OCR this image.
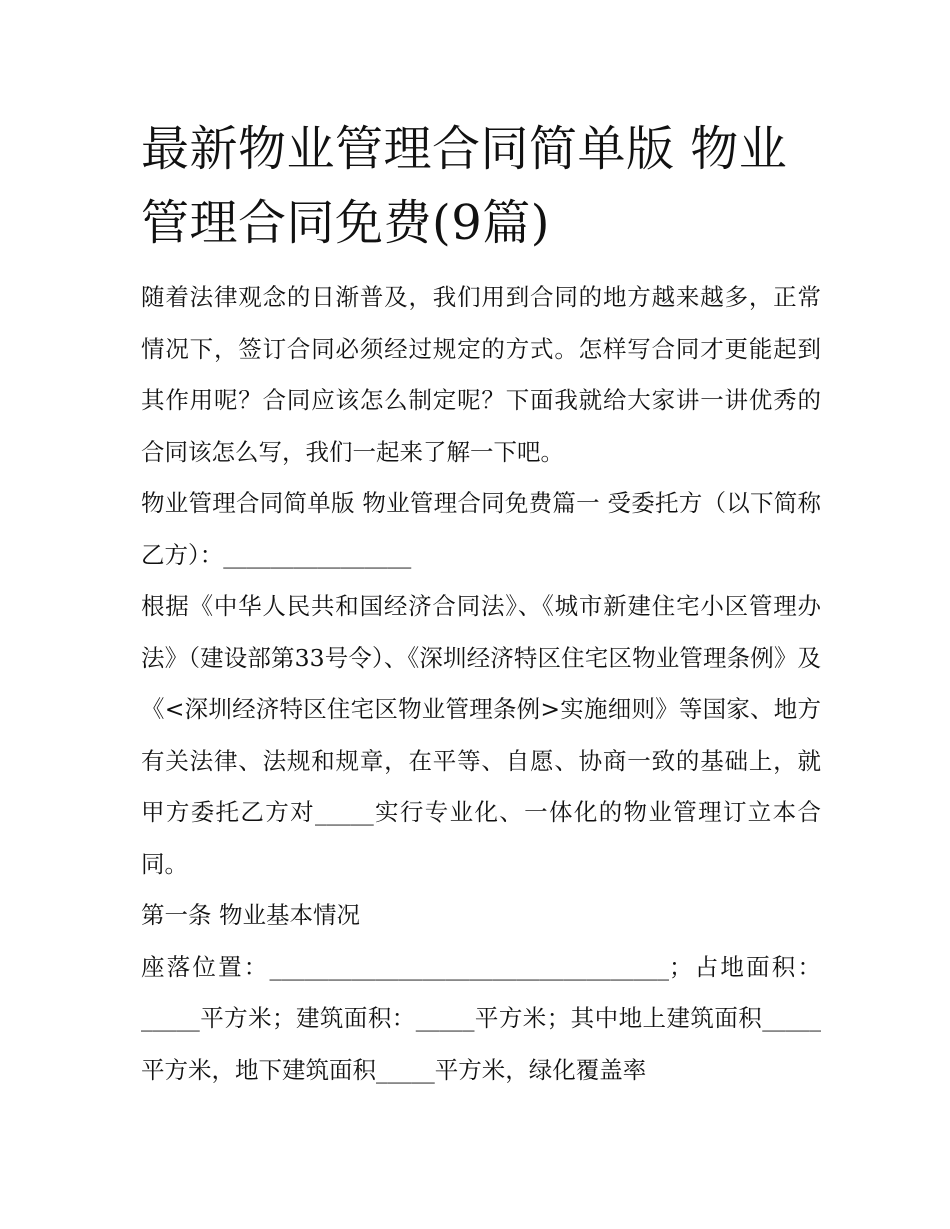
最新物业管理合同简单版 物业管理合同免费(9篇)

随着法律观念的日渐普及，我们用到合同的地方越来越多，正常情况下，签订合同必须经过规定的方式。怎样写合同才更能起到其作用呢？合同应该怎么制定呢？下面我就给大家讲一讲优秀的合同该怎么写，我们一起来了解一下吧。

物业管理合同简单版 物业管理合同免费篇一 受委托方（以下简称乙方）：________________

根据《中华人民共和国经济合同法》、《城市新建住宅小区管理办法》（建设部第33号令）、《深圳经济特区住宅区物业管理条例》及《<深圳经济特区住宅区物业管理条例>实施细则》等国家、地方有关法律、法规和规章，在平等、自愿、协商一致的基础上，就甲方委托乙方对_____实行专业化、一体化的物业管理订立本合同。

第一条 物业基本情况

座落位置：__________________________________；占地面积：_____平方米；建筑面积：_____平方米；其中地上建筑面积_____平方米，地下建筑面积_____平方米，绿化覆盖率
